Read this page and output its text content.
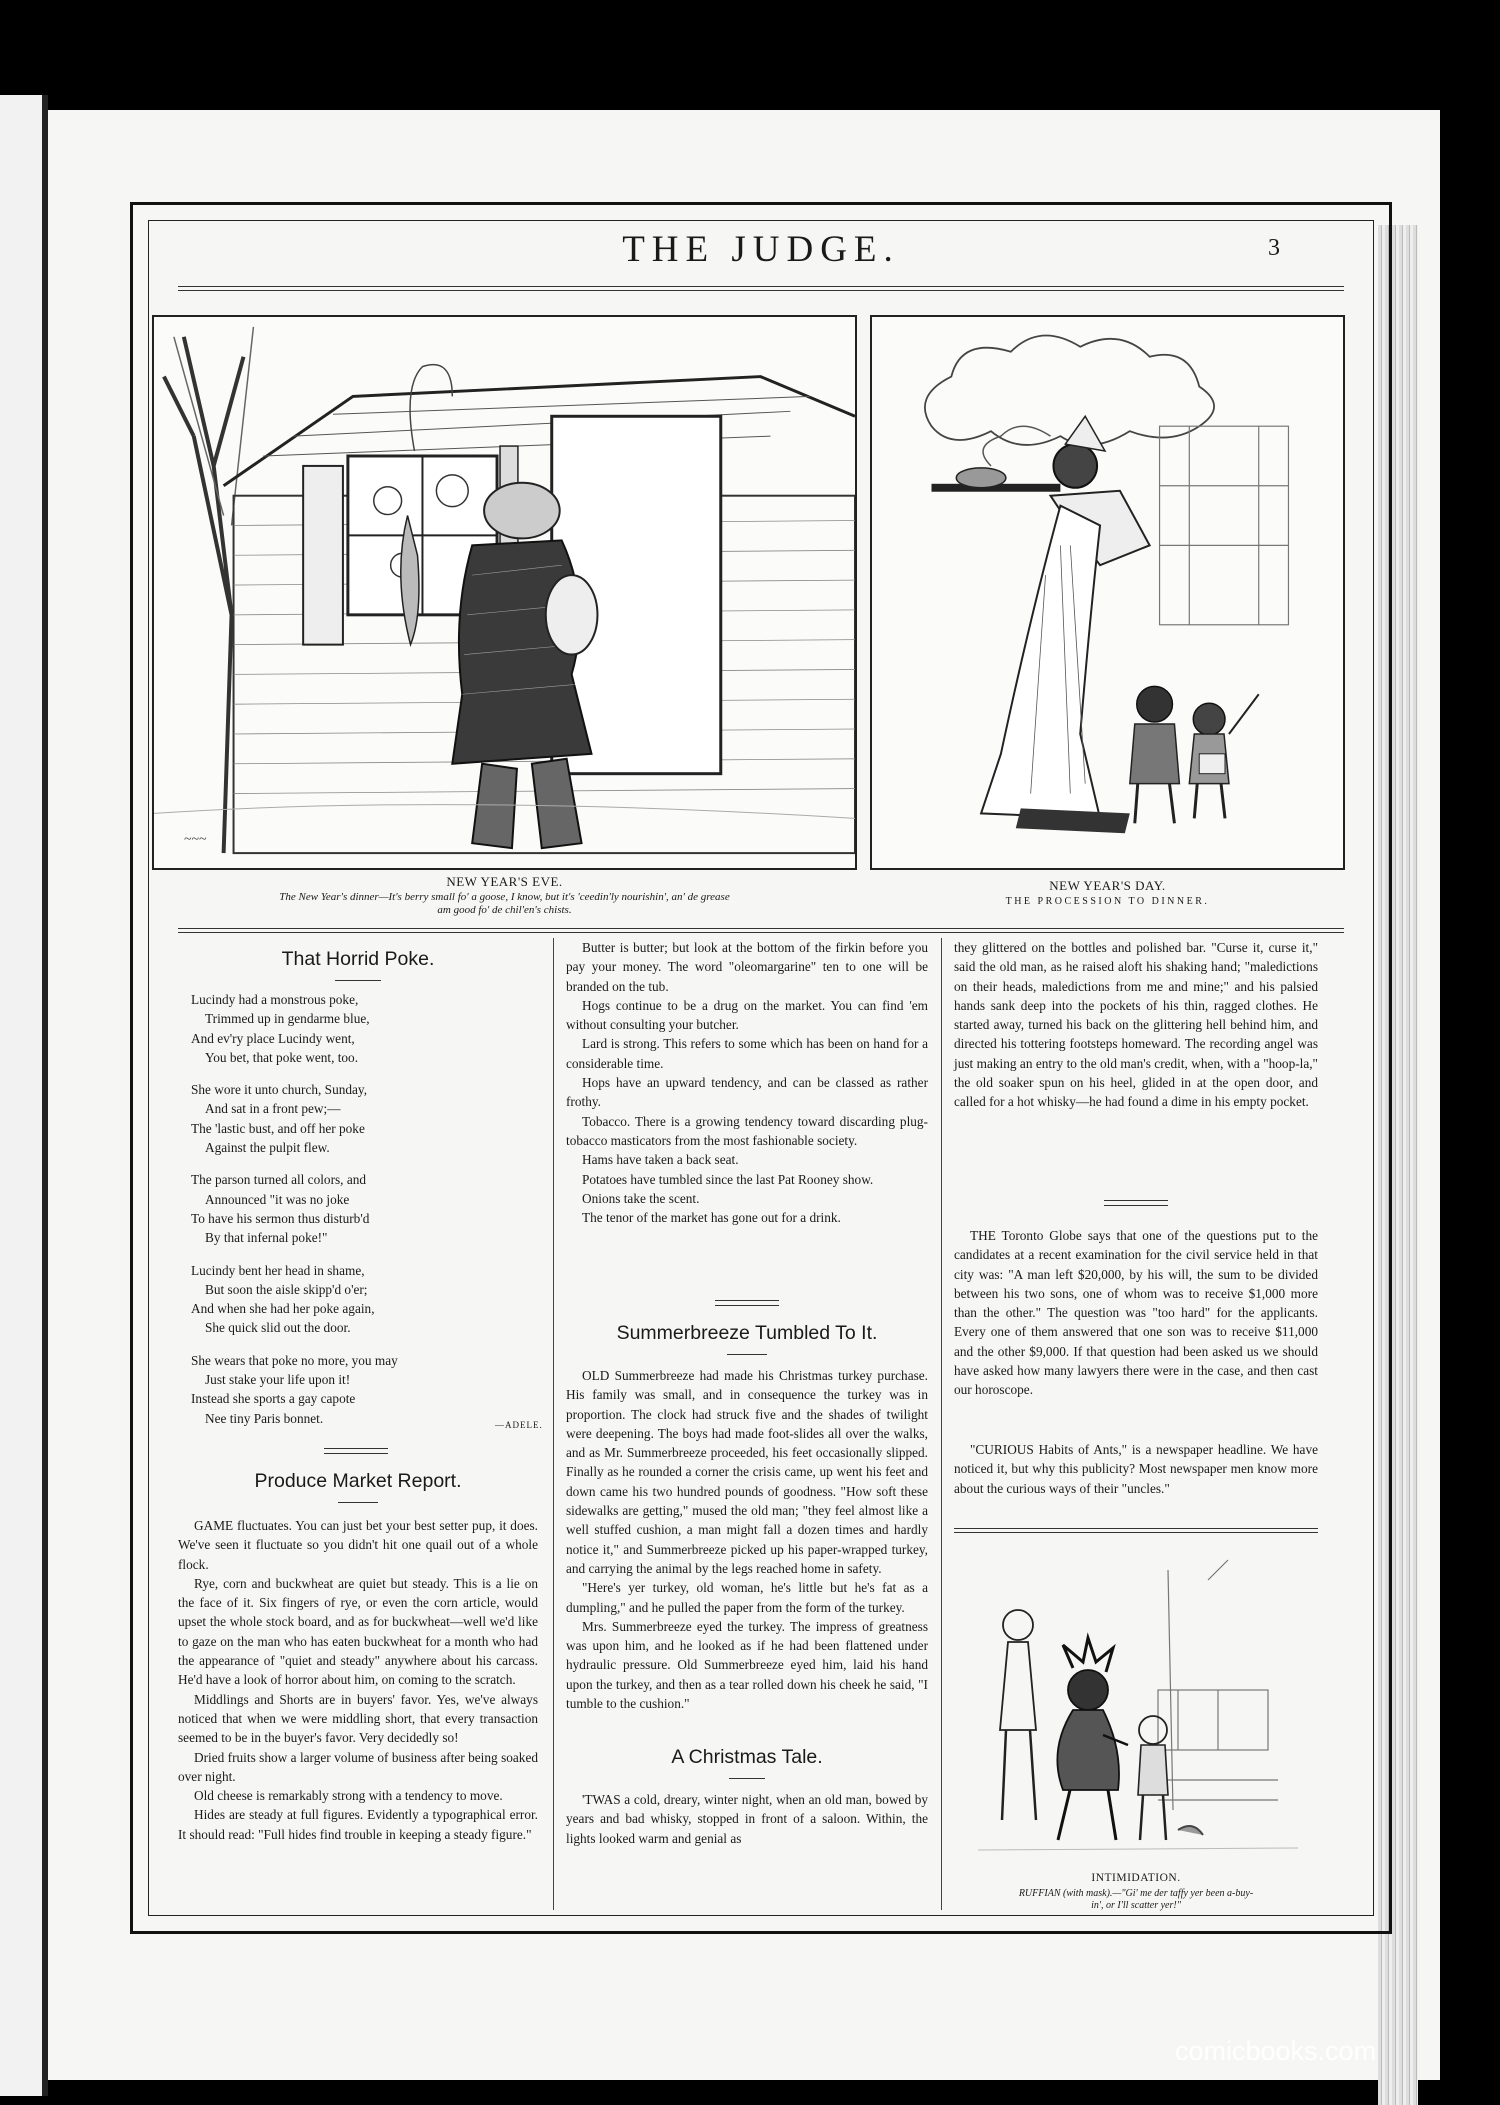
THE JUDGE.	3
~~~
NEW YEAR'S EVE.
The New Year's dinner—It's berry small fo' a goose, I know, but it's 'ceedin'ly nourishin', an' de grease
am good fo' de chil'en's chists.
NEW YEAR'S DAY.
THE PROCESSION TO DINNER.
That Horrid Poke.
Lucindy had a monstrous poke,
Trimmed up in gendarme blue,
And ev'ry place Lucindy went,
You bet, that poke went, too.
She wore it unto church, Sunday,
And sat in a front pew;—
The 'lastic bust, and off her poke
Against the pulpit flew.
The parson turned all colors, and
Announced "it was no joke
To have his sermon thus disturb'd
By that infernal poke!"
Lucindy bent her head in shame,
But soon the aisle skipp'd o'er;
And when she had her poke again,
She quick slid out the door.
She wears that poke no more, you may
Just stake your life upon it!
Instead she sports a gay capote
Nee tiny Paris bonnet.	—ADELE.
Produce Market Report.

GAME fluctuates. You can just bet your best setter pup, it does. We've seen it fluctuate so you didn't hit one quail out of a whole flock.

Rye, corn and buckwheat are quiet but steady. This is a lie on the face of it. Six fingers of rye, or even the corn article, would upset the whole stock board, and as for buckwheat—well we'd like to gaze on the man who has eaten buckwheat for a month who had the appearance of "quiet and steady" anywhere about his carcass. He'd have a look of horror about him, on coming to the scratch.

Middlings and Shorts are in buyers' favor. Yes, we've always noticed that when we were middling short, that every transaction seemed to be in the buyer's favor. Very decidedly so!

Dried fruits show a larger volume of business after being soaked over night.

Old cheese is remarkably strong with a tendency to move.

Hides are steady at full figures. Evidently a typographical error. It should read: "Full hides find trouble in keeping a steady figure."

Butter is butter; but look at the bottom of the firkin before you pay your money. The word "oleomargarine" ten to one will be branded on the tub.

Hogs continue to be a drug on the market. You can find 'em without consulting your butcher.

Lard is strong. This refers to some which has been on hand for a considerable time.

Hops have an upward tendency, and can be classed as rather frothy.

Tobacco. There is a growing tendency toward discarding plug-tobacco masticators from the most fashionable society.

Hams have taken a back seat.

Potatoes have tumbled since the last Pat Rooney show.

Onions take the scent.

The tenor of the market has gone out for a drink.

Summerbreeze Tumbled To It.

OLD Summerbreeze had made his Christmas turkey purchase. His family was small, and in consequence the turkey was in proportion. The clock had struck five and the shades of twilight were deepening. The boys had made foot-slides all over the walks, and as Mr. Summerbreeze proceeded, his feet occasionally slipped. Finally as he rounded a corner the crisis came, up went his feet and down came his two hundred pounds of goodness. "How soft these sidewalks are getting," mused the old man; "they feel almost like a well stuffed cushion, a man might fall a dozen times and hardly notice it," and Summerbreeze picked up his paper-wrapped turkey, and carrying the animal by the legs reached home in safety.

"Here's yer turkey, old woman, he's little but he's fat as a dumpling," and he pulled the paper from the form of the turkey.

Mrs. Summerbreeze eyed the turkey. The impress of greatness was upon him, and he looked as if he had been flattened under hydraulic pressure. Old Summerbreeze eyed him, laid his hand upon the turkey, and then as a tear rolled down his cheek he said, "I tumble to the cushion."

A Christmas Tale.

'TWAS a cold, dreary, winter night, when an old man, bowed by years and bad whisky, stopped in front of a saloon. Within, the lights looked warm and genial as

they glittered on the bottles and polished bar. "Curse it, curse it," said the old man, as he raised aloft his shaking hand; "maledictions on their heads, maledictions from me and mine;" and his palsied hands sank deep into the pockets of his thin, ragged clothes. He started away, turned his back on the glittering hell behind him, and directed his tottering footsteps homeward. The recording angel was just making an entry to the old man's credit, when, with a "hoop-la," the old soaker spun on his heel, glided in at the open door, and called for a hot whisky—he had found a dime in his empty pocket.

THE Toronto Globe says that one of the questions put to the candidates at a recent examination for the civil service held in that city was: "A man left $20,000, by his will, the sum to be divided between his two sons, one of whom was to receive $1,000 more than the other." The question was "too hard" for the applicants. Every one of them answered that one son was to receive $11,000 and the other $9,000. If that question had been asked us we should have asked how many lawyers there were in the case, and then cast our horoscope.

"CURIOUS Habits of Ants," is a newspaper headline. We have noticed it, but why this publicity? Most newspaper men know more about the curious ways of their "uncles."

INTIMIDATION.
RUFFIAN (with mask).—"Gi' me der taffy yer been a-buy-
in', or I'll scatter yer!"
comicbooks.com
